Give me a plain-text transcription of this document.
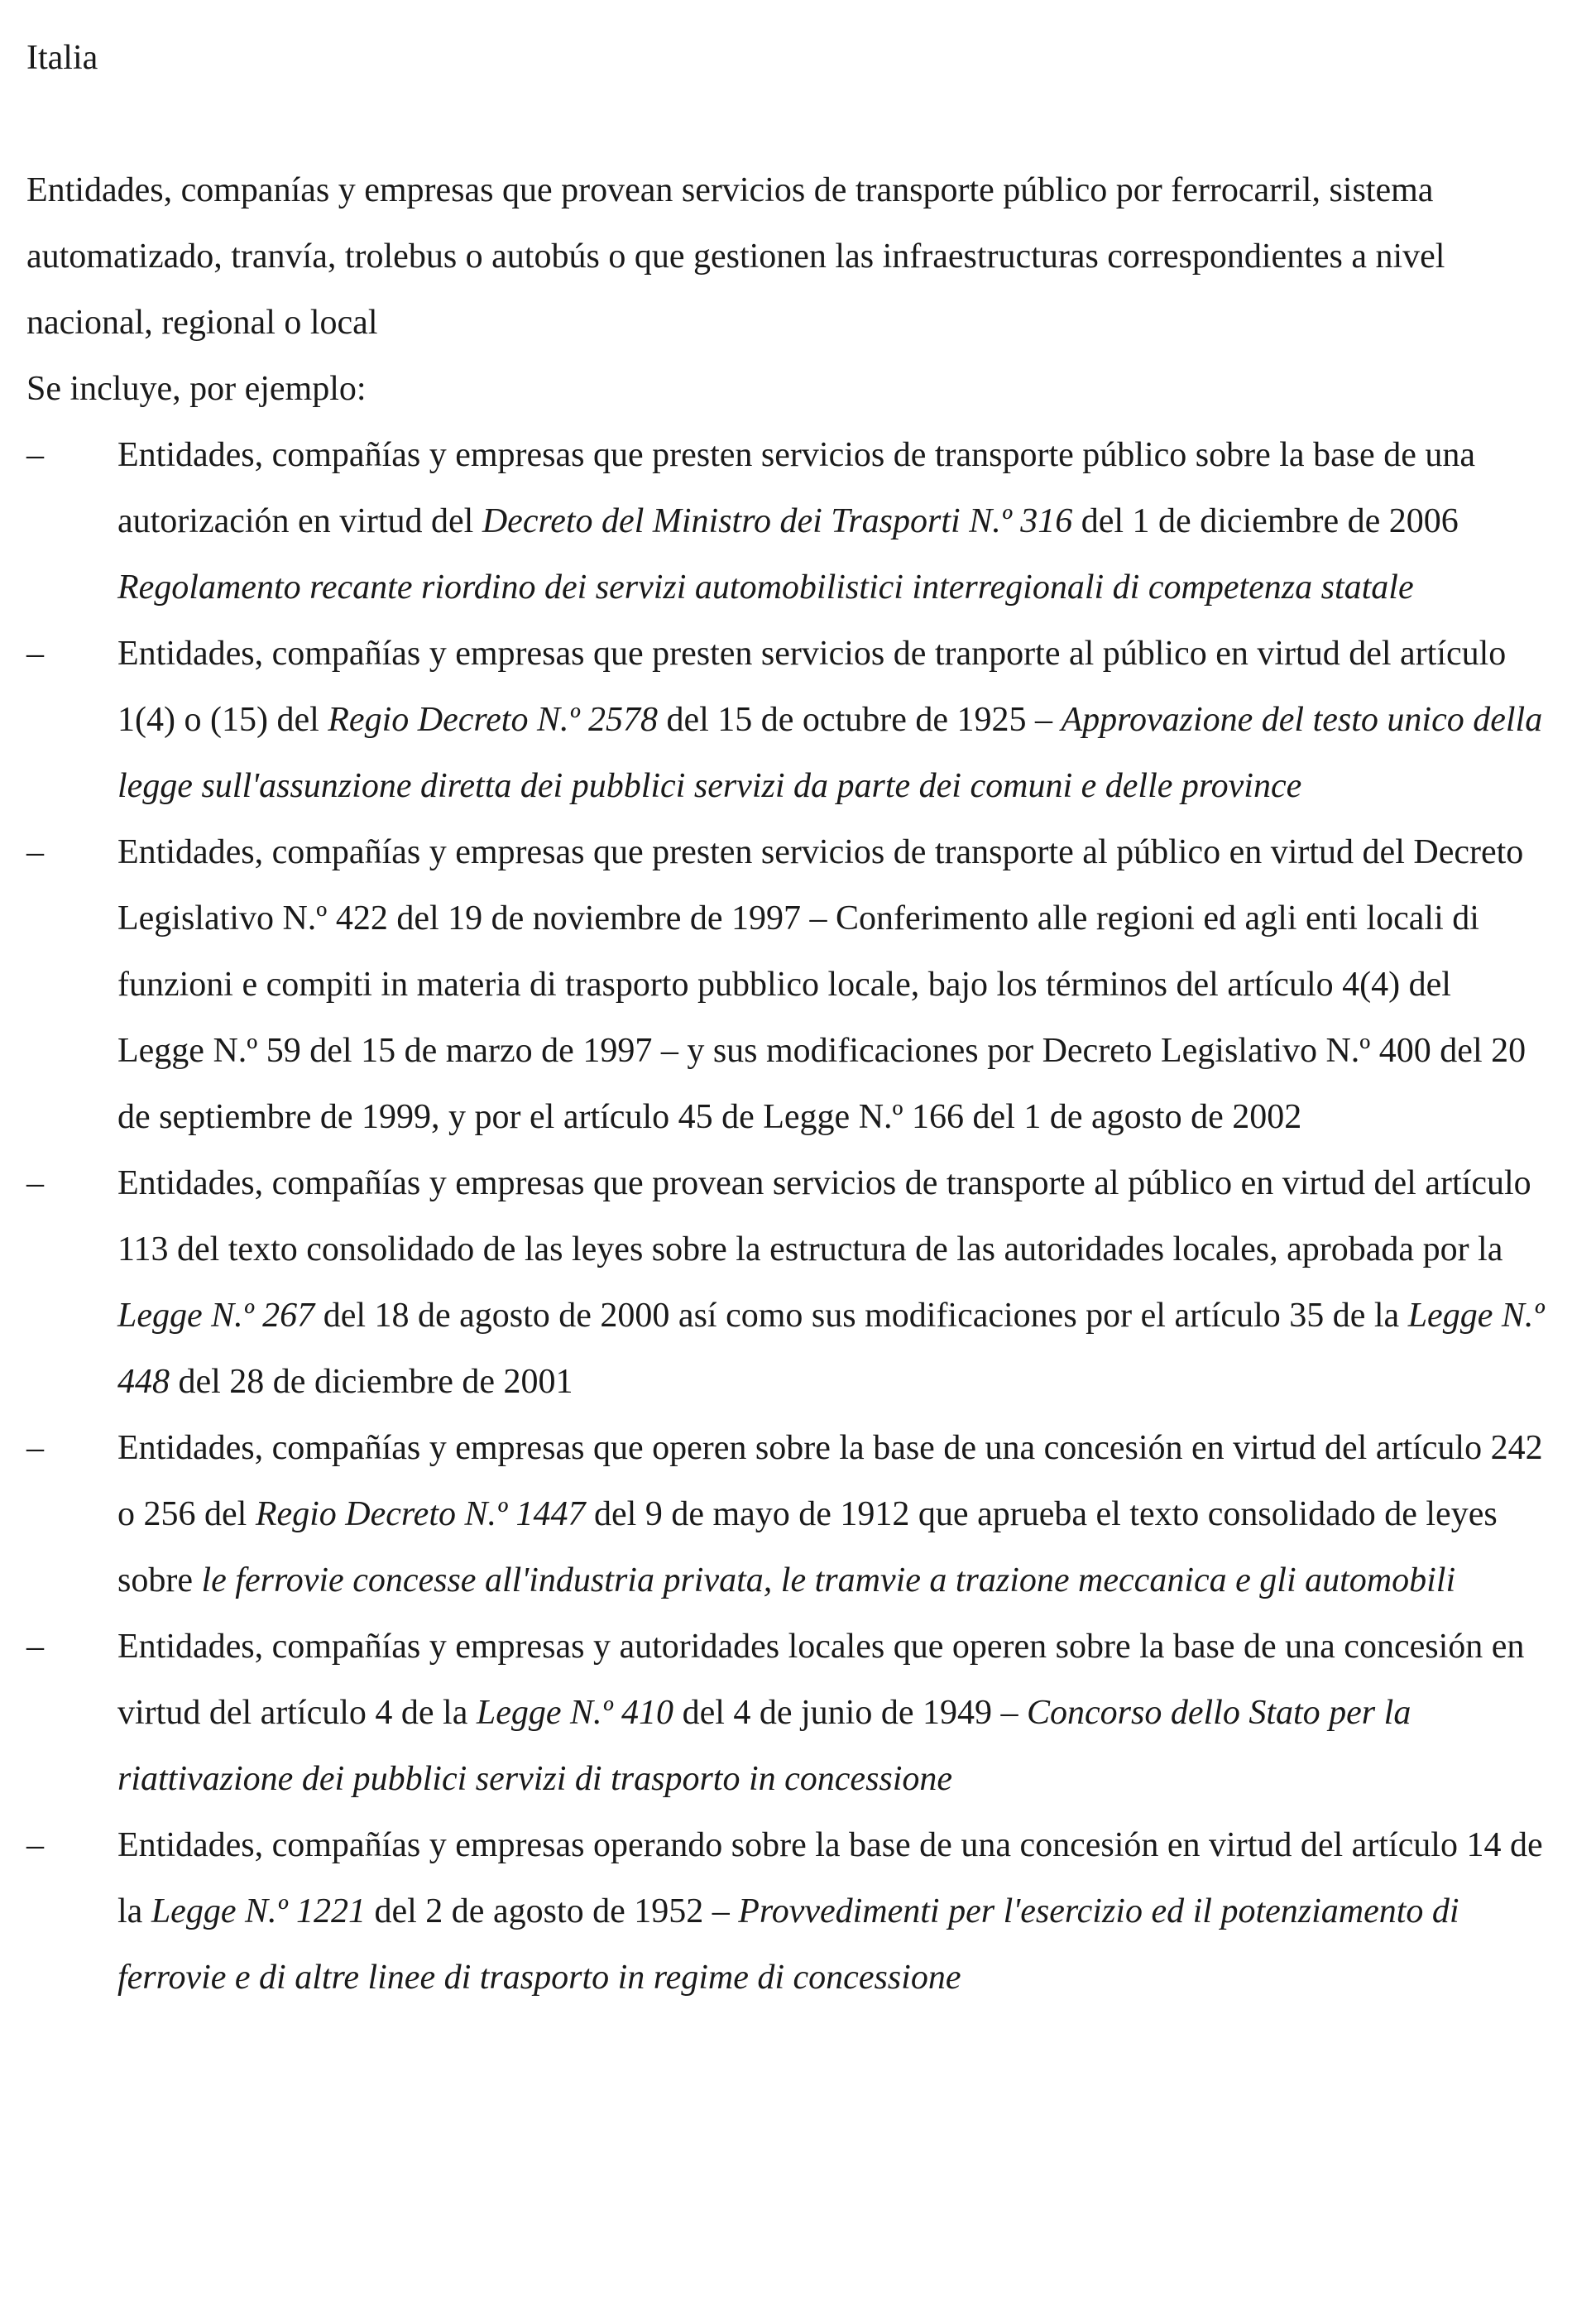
Italia

Entidades, companías y empresas que provean servicios de transporte público por ferrocarril, sistema automatizado, tranvía, trolebus o autobús o que gestionen las infraestructuras correspondientes a nivel nacional, regional o local

Se incluye, por ejemplo:

–	Entidades, compañías y empresas que presten servicios de transporte público sobre la base de una autorización en virtud del Decreto del Ministro dei Trasporti N.º 316 del 1 de diciembre de 2006 Regolamento recante riordino dei servizi automobilistici interregionali di competenza statale
–	Entidades, compañías y empresas que presten servicios de tranporte al público en virtud del artículo 1(4) o (15) del Regio Decreto N.º 2578 del 15 de octubre de 1925 – Approvazione del testo unico della legge sull'assunzione diretta dei pubblici servizi da parte dei comuni e delle province
–	Entidades, compañías y empresas que presten servicios de transporte al público en virtud del Decreto Legislativo N.º 422 del 19 de noviembre de 1997 – Conferimento alle regioni ed agli enti locali di funzioni e compiti in materia di trasporto pubblico locale, bajo los términos del artículo 4(4) del Legge N.º 59 del 15 de marzo de 1997 – y sus modificaciones por Decreto Legislativo N.º 400 del 20 de septiembre de 1999, y por el artículo 45 de Legge N.º 166 del 1 de agosto de 2002
–	Entidades, compañías y empresas que provean servicios de transporte al público en virtud del artículo 113 del texto consolidado de las leyes sobre la estructura de las autoridades locales, aprobada por la Legge N.º 267 del 18 de agosto de 2000 así como sus modificaciones por el artículo 35 de la Legge N.º 448 del 28 de diciembre de 2001
–	Entidades, compañías y empresas que operen sobre la base de una concesión en virtud del artículo 242 o 256 del Regio Decreto N.º 1447 del 9 de mayo de 1912 que aprueba el texto consolidado de leyes sobre le ferrovie concesse all'industria privata, le tramvie a trazione meccanica e gli automobili
–	Entidades, compañías y empresas y autoridades locales que operen sobre la base de una concesión en virtud del artículo 4 de la Legge N.º 410 del 4 de junio de 1949 – Concorso dello Stato per la riattivazione dei pubblici servizi di trasporto in concessione
–	Entidades, compañías y empresas operando sobre la base de una concesión en virtud del artículo 14 de la Legge N.º 1221 del 2 de agosto de 1952 – Provvedimenti per l'esercizio ed il potenziamento di ferrovie e di altre linee di trasporto in regime di concessione
